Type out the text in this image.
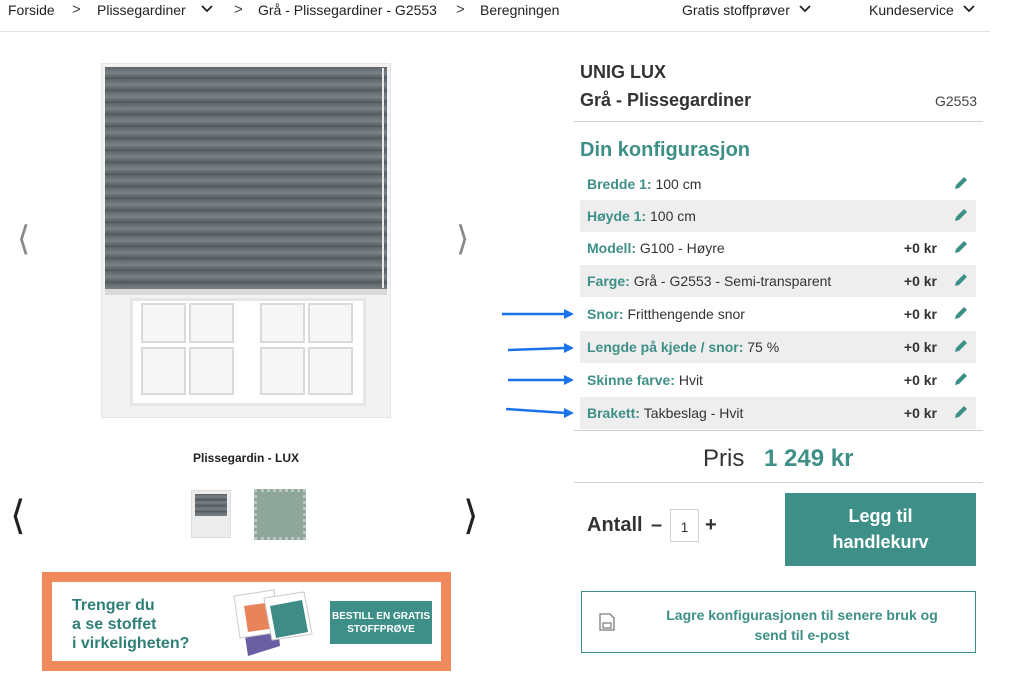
Forside > Plissegardiner	> Grå - Plissegardiner - G2553 > Beregningen	Gratis stoffprøver	Kundeservice
⟨	⟩
Plissegardin - LUX
⟨	⟩
Trenger du
a se stoffet
i virkeligheten?
BESTILL EN GRATIS
STOFFPRØVE
UNIG LUX
Grå - Plissegardiner	G2553
Din konfigurasjon
Bredde 1: 100 cm
Høyde 1: 100 cm
Modell: G100 - Høyre	+0 kr
Farge: Grå - G2553 - Semi-transparent	+0 kr
Snor: Fritthengende snor	+0 kr
Lengde på kjede / snor: 75 %	+0 kr
Skinne farve: Hvit	+0 kr
Brakett: Takbeslag - Hvit	+0 kr
Pris 1 249 kr
Antall –	1 +	Legg til
handlekurv
Lagre konfigurasjonen til senere bruk og
send til e-post
